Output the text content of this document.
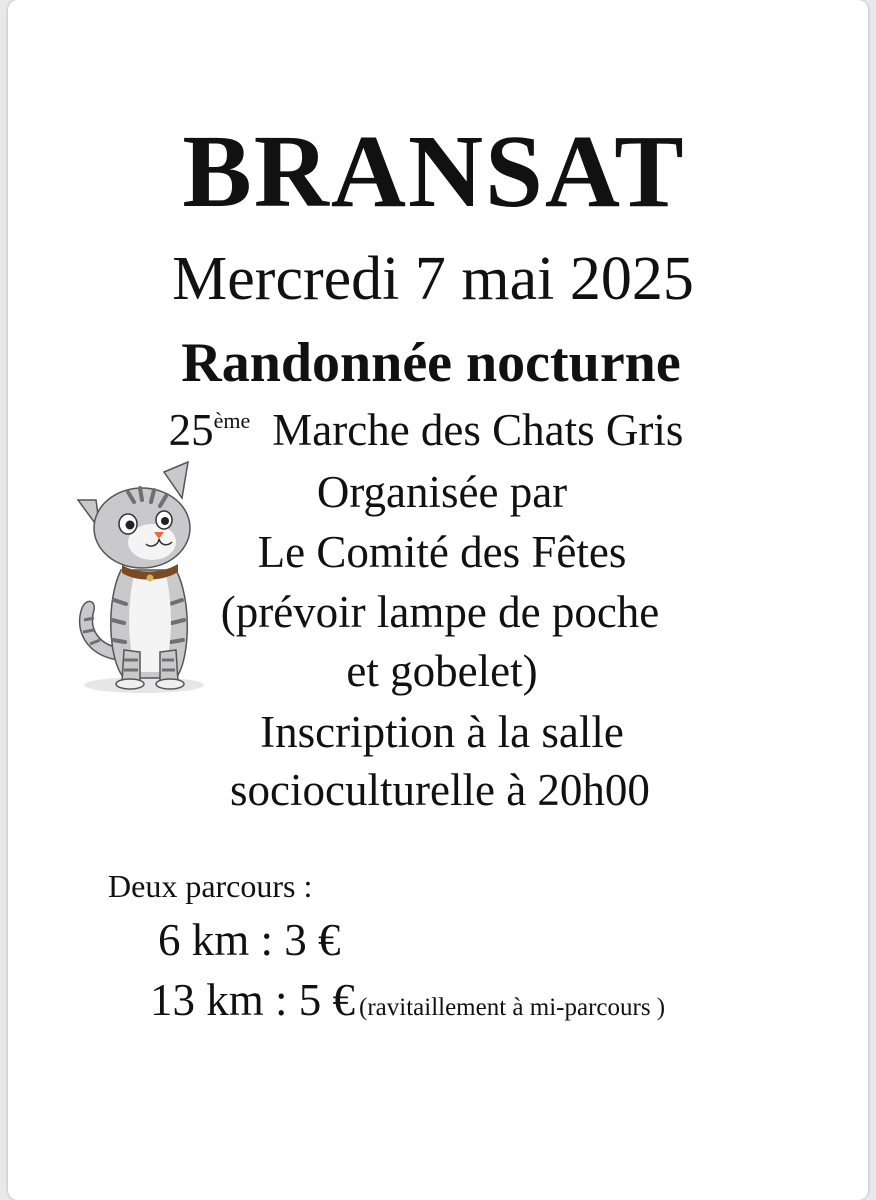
BRANSAT
Mercredi 7 mai 2025
Randonnée nocturne
25ème Marche des Chats Gris
Organisée par
Le Comité des Fêtes
(prévoir lampe de poche
et gobelet)
Inscription à la salle
socioculturelle à 20h00
Deux parcours :
6 km : 3 €
13 km : 5 € (ravitaillement à mi-parcours )
